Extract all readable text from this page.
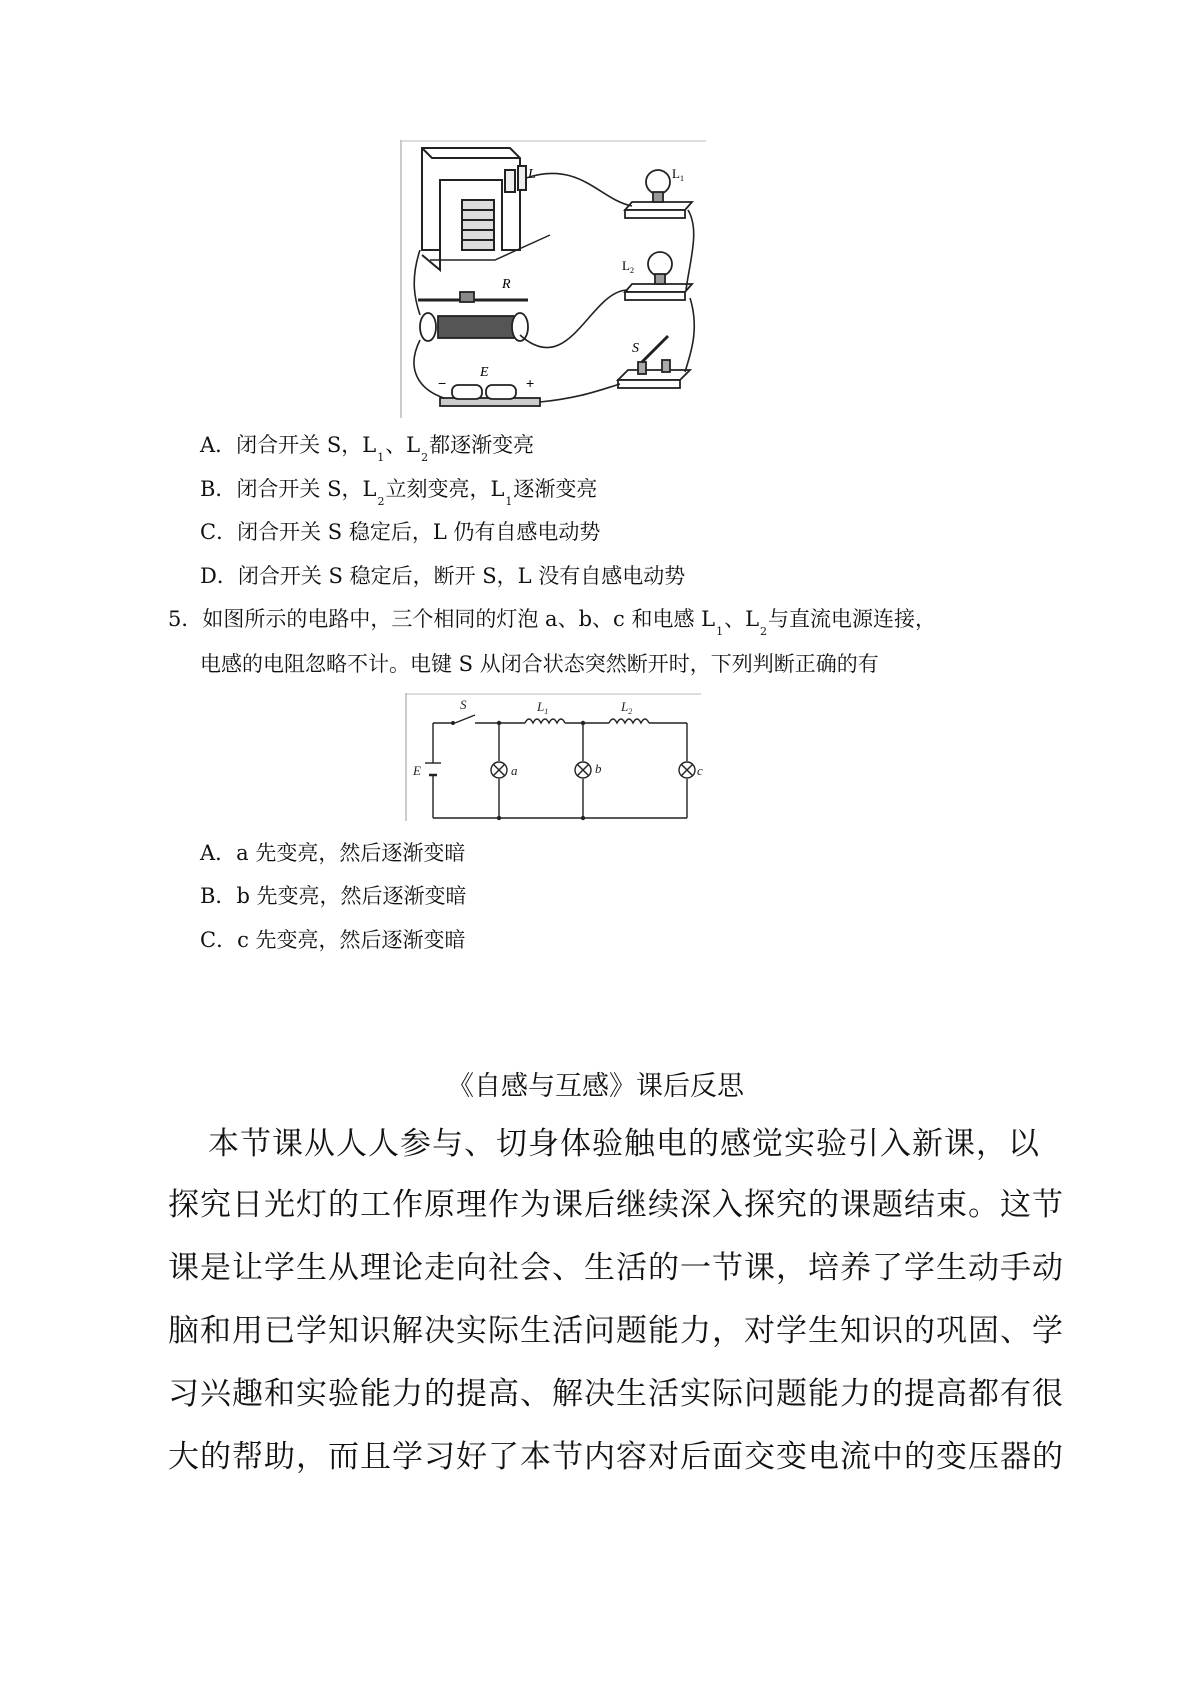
L	$L_1$
$L_2$
R
−
E
+
S
A．闭合开关 S，$L_1$、$L_2$都逐渐变亮
B．闭合开关 S，$L_2$立刻变亮，$L_1$逐渐变亮
C．闭合开关 S 稳定后，L 仍有自感电动势
D．闭合开关 S 稳定后，断开 S，L 没有自感电动势
5．如图所示的电路中，三个相同的灯泡 a、b、c 和电感 $L_1$、$L_2$与直流电源连接，
电感的电阻忽略不计。电键 S 从闭合状态突然断开时，下列判断正确的有
S	$L_1$	$L_2$
E	a	b	c
A．a 先变亮，然后逐渐变暗
B．b 先变亮，然后逐渐变暗
C．c 先变亮，然后逐渐变暗
《自感与互感》课后反思
本节课从人人参与、切身体验触电的感觉实验引入新课，以
探究日光灯的工作原理作为课后继续深入探究的课题结束。这节
课是让学生从理论走向社会、生活的一节课，培养了学生动手动
脑和用已学知识解决实际生活问题能力，对学生知识的巩固、学
习兴趣和实验能力的提高、解决生活实际问题能力的提高都有很
大的帮助，而且学习好了本节内容对后面交变电流中的变压器的
